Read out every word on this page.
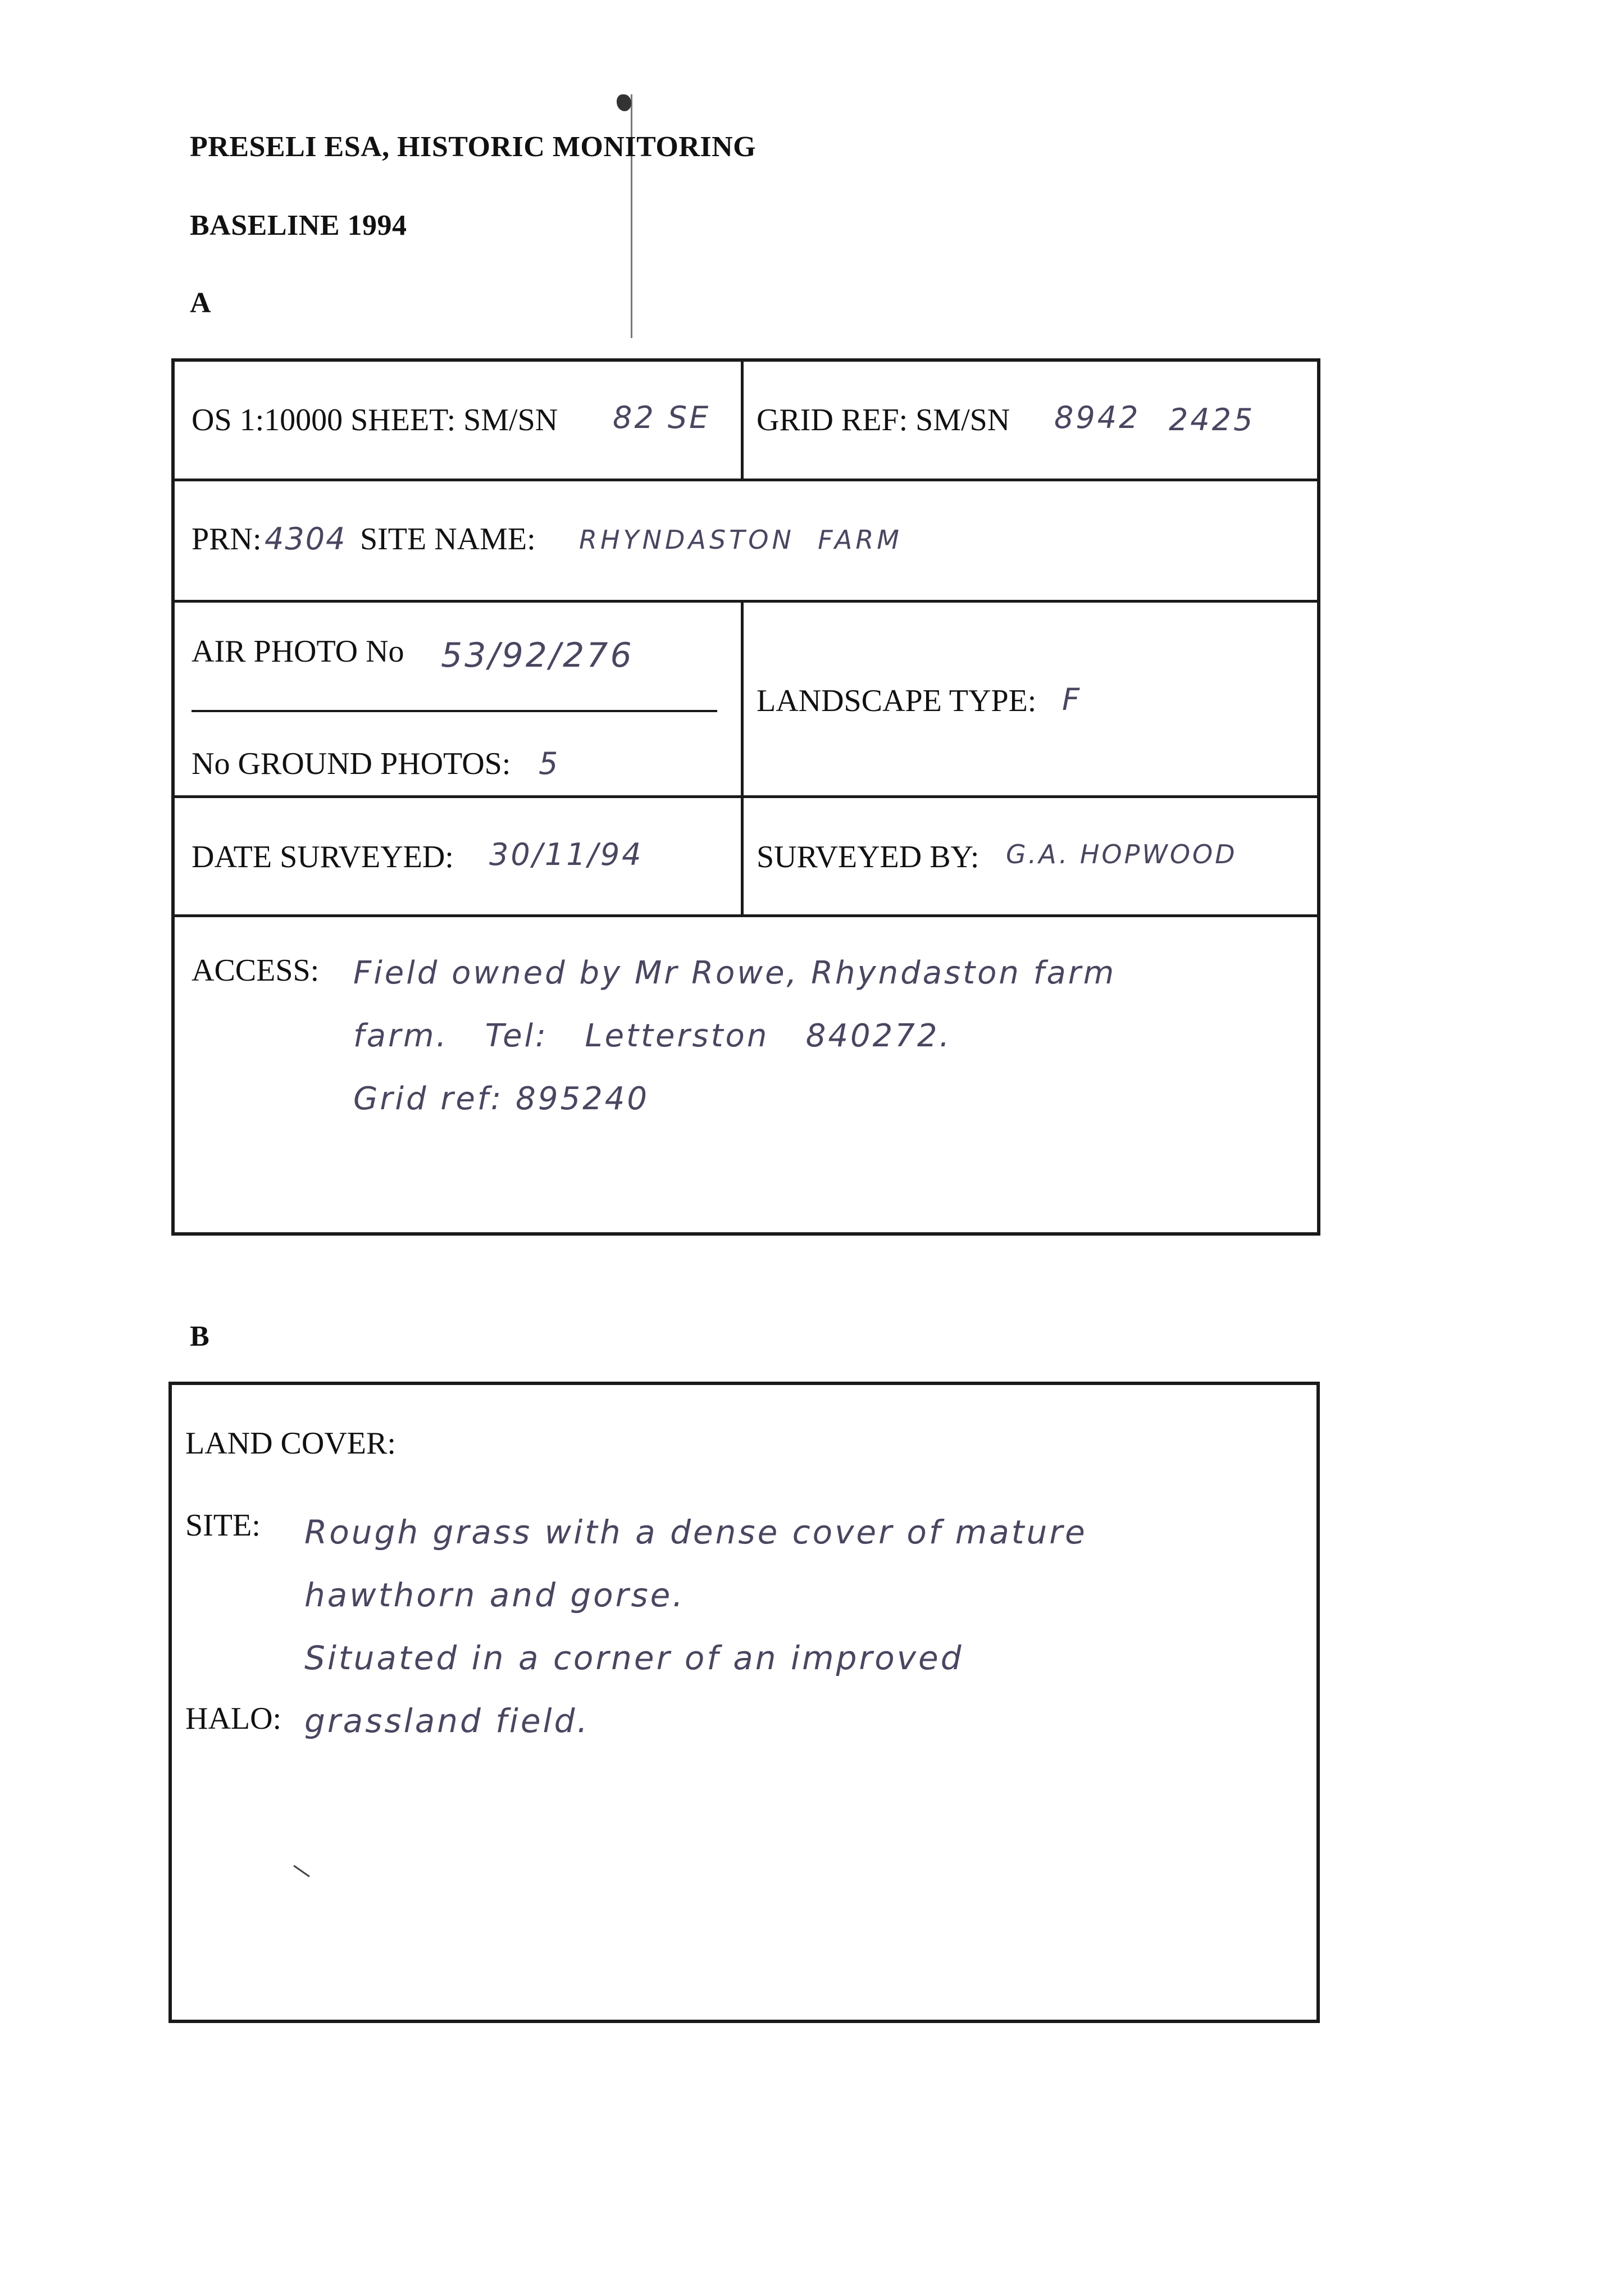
PRESELI ESA, HISTORIC MONITORING
BASELINE 1994
A
OS 1:10000 SHEET: SM/SN 82 SE GRID REF: SM/SN 8942 2425
PRN: 4304 SITE NAME: RHYNDASTON  FARM
AIR PHOTO No 53/92/276
No GROUND PHOTOS: 5
LANDSCAPE TYPE: F
DATE SURVEYED: 30/11/94	SURVEYED BY: G.A. HOPWOOD
ACCESS: Field owned by Mr Rowe, Rhyndaston farm
farm.   Tel:   Letterston   840272.
Grid ref: 895240
B
LAND COVER:
SITE: Rough grass with a dense cover of mature
hawthorn and gorse.
Situated in a corner of an improved
HALO: grassland field.
